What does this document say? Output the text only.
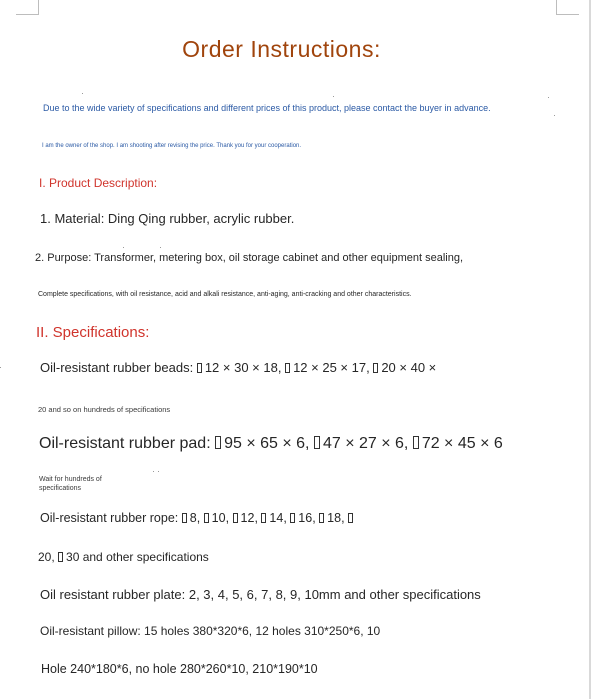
Order Instructions:
Due to the wide variety of specifications and different prices of this product, please contact the buyer in advance.
I am the owner of the shop. I am shooting after revising the price. Thank you for your cooperation.
I. Product Description:
1. Material: Ding Qing rubber, acrylic rubber.
2. Purpose: Transformer, metering box, oil storage cabinet and other equipment sealing,
Complete specifications, with oil resistance, acid and alkali resistance, anti-aging, anti-cracking and other characteristics.
II. Specifications:
Oil-resistant rubber beads: 12 × 30 × 18, 12 × 25 × 17, 20 × 40 ×
20 and so on hundreds of specifications
Oil-resistant rubber pad: 95 × 65 × 6, 47 × 27 × 6, 72 × 45 × 6
Wait for hundreds of
specifications
Oil-resistant rubber rope: 8, 10, 12, 14, 16, 18,
20, 30 and other specifications
Oil resistant rubber plate: 2, 3, 4, 5, 6, 7, 8, 9, 10mm and other specifications
Oil-resistant pillow: 15 holes 380*320*6, 12 holes 310*250*6, 10
Hole 240*180*6, no hole 280*260*10, 210*190*10
